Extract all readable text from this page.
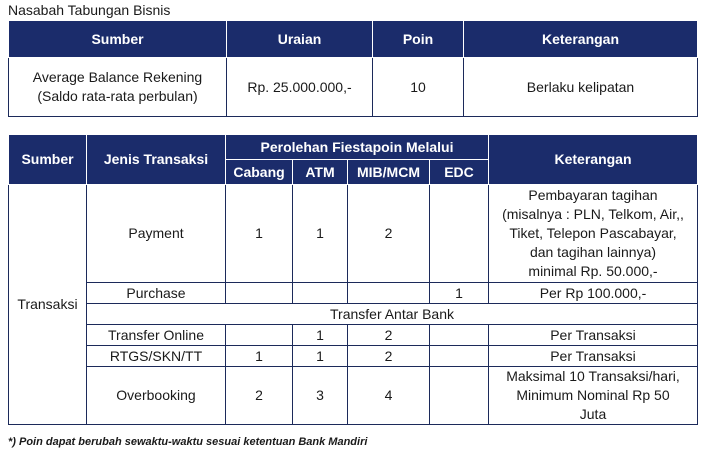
Nasabah Tabungan Bisnis
Sumber	Uraian	Poin	Keterangan

Average Balance Rekening
(Saldo rata-rata perbulan)	Rp. 25.000.000,-	10	Berlaku kelipatan
Sumber	Jenis Transaksi	Perolehan Fiestapoin Melalui				Keterangan
		Cabang	ATM	MIB/MCM	EDC	
Transaksi	Payment	1	1	2		Pembayaran tagihan
(misalnya : PLN, Telkom, Air,,
Tiket, Telepon Pascabayar,
dan tagihan lainnya)
minimal Rp. 50.000,-

	Purchase				1	Per Rp 100.000,-
	Transfer Antar Bank					
	Transfer Online		1	2		Per Transaksi
	RTGS/SKN/TT	1	1	2		Per Transaksi
	Overbooking	2	3	4		Maksimal 10 Transaksi/hari,
Minimum Nominal Rp 50
Juta
*) Poin dapat berubah sewaktu-waktu sesuai ketentuan Bank Mandiri
